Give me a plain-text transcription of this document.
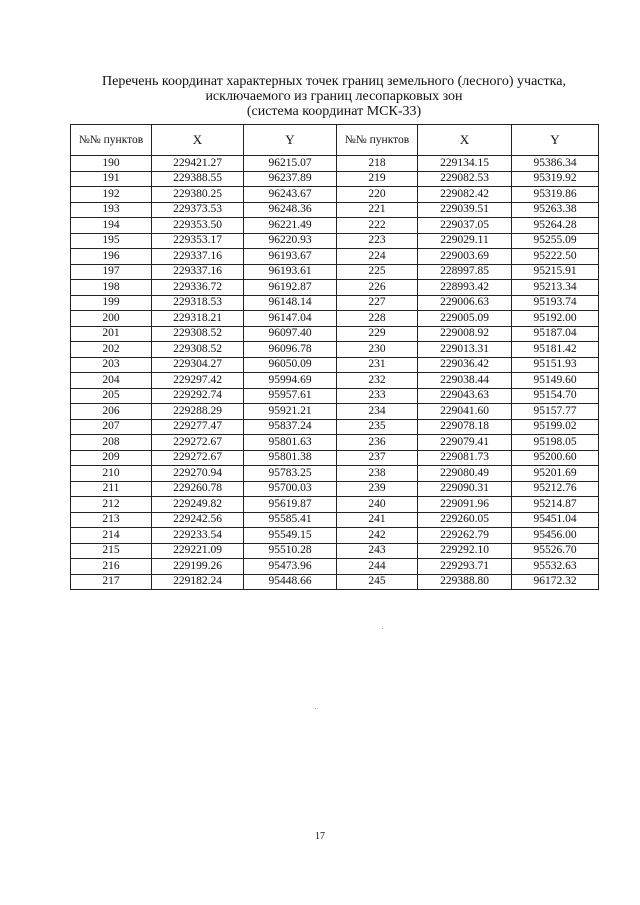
Перечень координат характерных точек границ земельного (лесного) участка,
исключаемого из границ лесопарковых зон
(система координат МСК-33)
№№ пунктов	X	Y	№№ пунктов	X	Y
190	229421.27	96215.07	218	229134.15	95386.34
191	229388.55	96237.89	219	229082.53	95319.92
192	229380.25	96243.67	220	229082.42	95319.86
193	229373.53	96248.36	221	229039.51	95263.38
194	229353.50	96221.49	222	229037.05	95264.28
195	229353.17	96220.93	223	229029.11	95255.09
196	229337.16	96193.67	224	229003.69	95222.50
197	229337.16	96193.61	225	228997.85	95215.91
198	229336.72	96192.87	226	228993.42	95213.34
199	229318.53	96148.14	227	229006.63	95193.74
200	229318.21	96147.04	228	229005.09	95192.00
201	229308.52	96097.40	229	229008.92	95187.04
202	229308.52	96096.78	230	229013.31	95181.42
203	229304.27	96050.09	231	229036.42	95151.93
204	229297.42	95994.69	232	229038.44	95149.60
205	229292.74	95957.61	233	229043.63	95154.70
206	229288.29	95921.21	234	229041.60	95157.77
207	229277.47	95837.24	235	229078.18	95199.02
208	229272.67	95801.63	236	229079.41	95198.05
209	229272.67	95801.38	237	229081.73	95200.60
210	229270.94	95783.25	238	229080.49	95201.69
211	229260.78	95700.03	239	229090.31	95212.76
212	229249.82	95619.87	240	229091.96	95214.87
213	229242.56	95585.41	241	229260.05	95451.04
214	229233.54	95549.15	242	229262.79	95456.00
215	229221.09	95510.28	243	229292.10	95526.70
216	229199.26	95473.96	244	229293.71	95532.63
217	229182.24	95448.66	245	229388.80	96172.32
17
